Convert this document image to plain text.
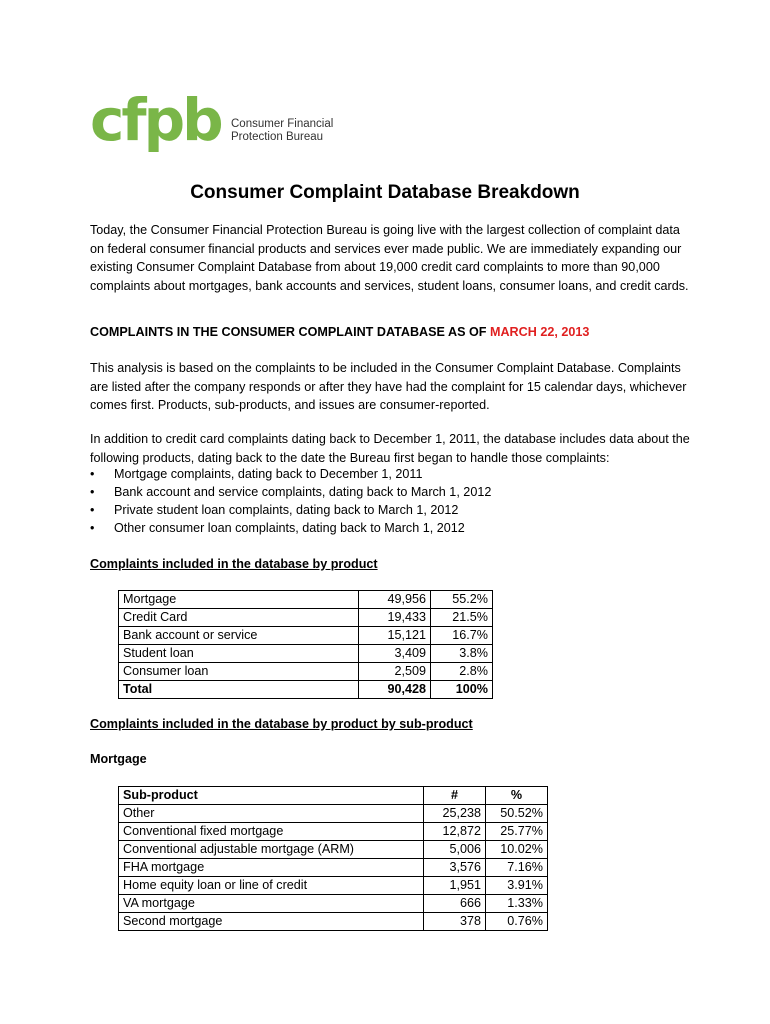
cfpb Consumer Financial
Protection Bureau
Consumer Complaint Database Breakdown
Today, the Consumer Financial Protection Bureau is going live with the largest collection of complaint data on federal consumer financial products and services ever made public. We are immediately expanding our existing Consumer Complaint Database from about 19,000 credit card complaints to more than 90,000 complaints about mortgages, bank accounts and services, student loans, consumer loans, and credit cards.
COMPLAINTS IN THE CONSUMER COMPLAINT DATABASE AS OF MARCH 22, 2013
This analysis is based on the complaints to be included in the Consumer Complaint Database. Complaints are listed after the company responds or after they have had the complaint for 15 calendar days, whichever comes first. Products, sub-products, and issues are consumer-reported.
In addition to credit card complaints dating back to December 1, 2011, the database includes data about the following products, dating back to the date the Bureau first began to handle those complaints:
• Mortgage complaints, dating back to December 1, 2011
• Bank account and service complaints, dating back to March 1, 2012
• Private student loan complaints, dating back to March 1, 2012
• Other consumer loan complaints, dating back to March 1, 2012
Complaints included in the database by product
Mortgage	49,956	55.2%
Credit Card	19,433	21.5%
Bank account or service	15,121	16.7%
Student loan	3,409	3.8%
Consumer loan	2,509	2.8%
Total	90,428	100%
Complaints included in the database by product by sub-product
Mortgage
Sub-product	#	%
Other	25,238	50.52%
Conventional fixed mortgage	12,872	25.77%
Conventional adjustable mortgage (ARM)	5,006	10.02%
FHA mortgage	3,576	7.16%
Home equity loan or line of credit	1,951	3.91%
VA mortgage	666	1.33%
Second mortgage	378	0.76%
